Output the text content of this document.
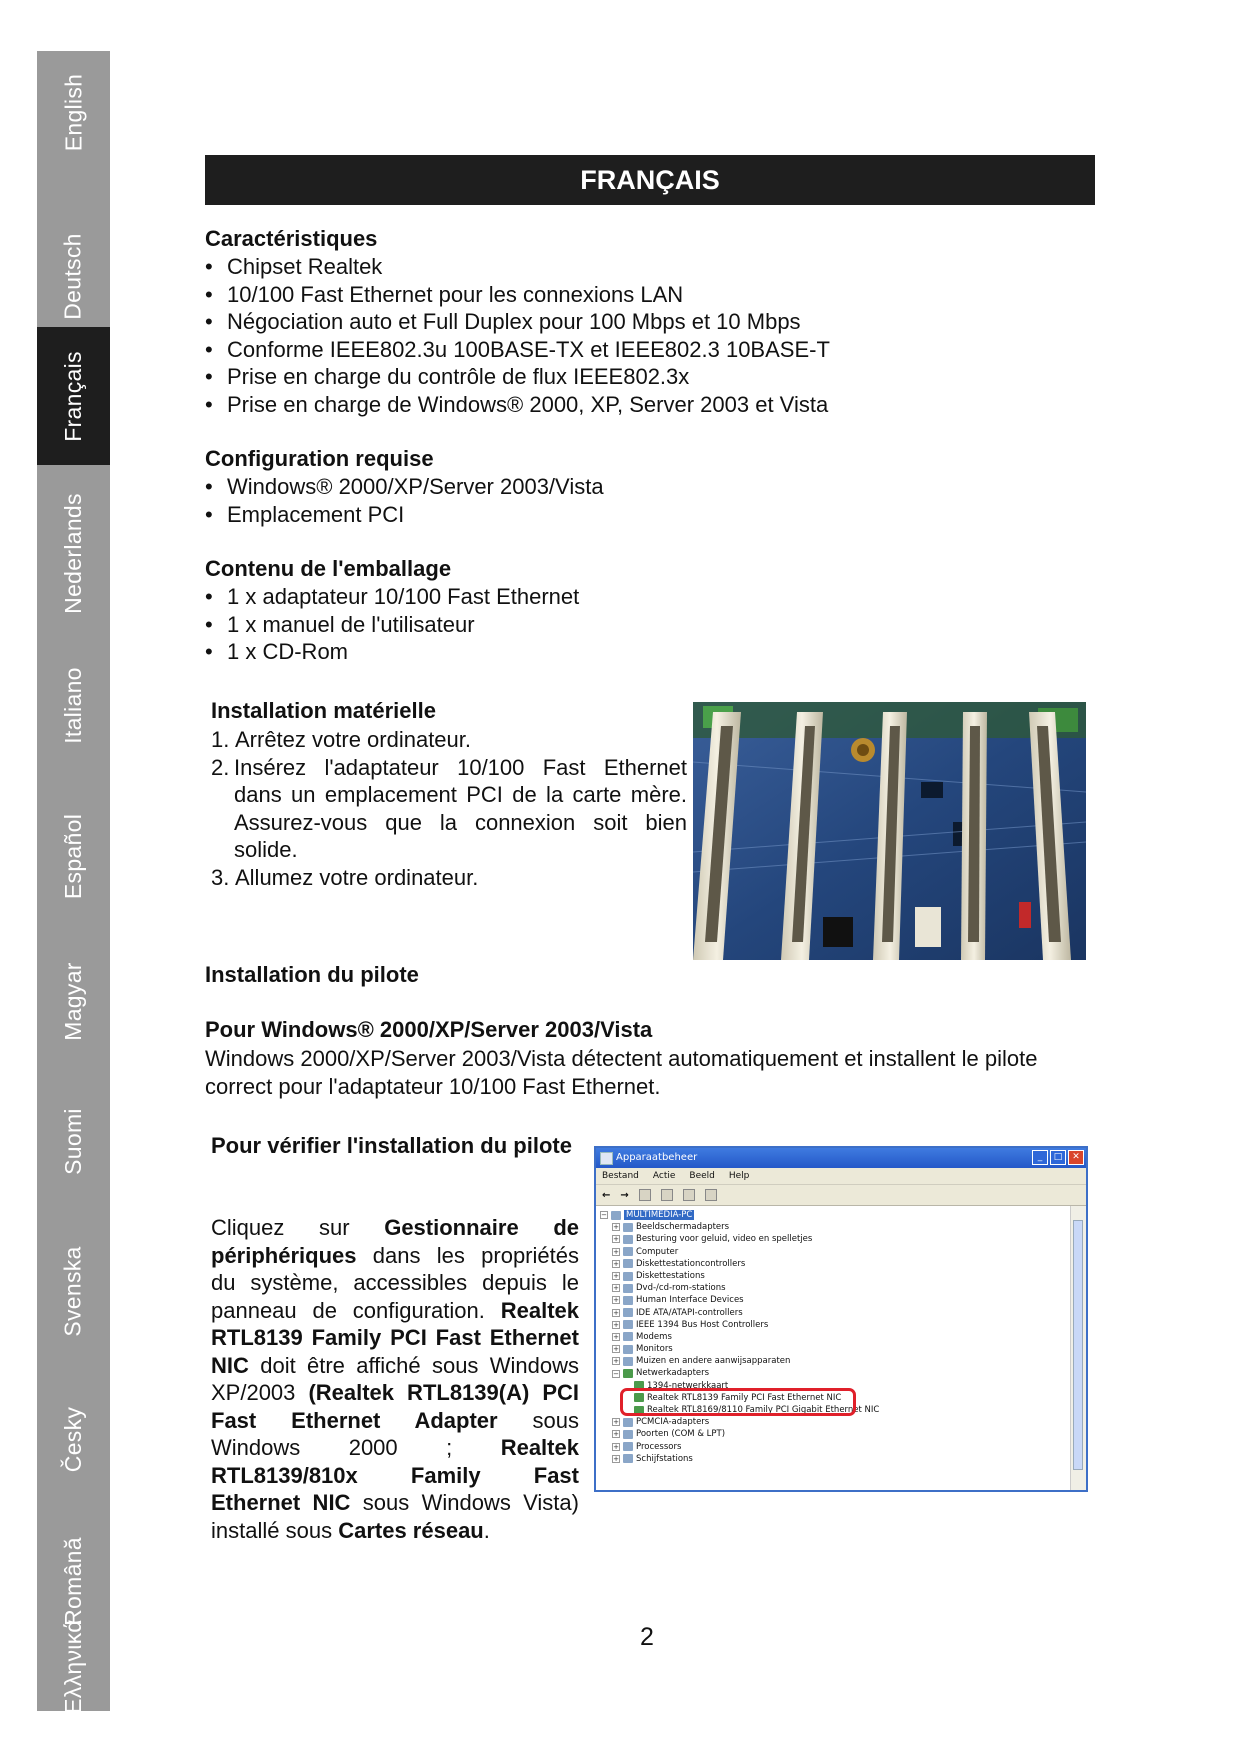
English
Deutsch
Français
Nederlands
Italiano
Español
Magyar
Suomi
Svenska
Česky
Română
Ελληνικά
FRANÇAIS
Caractéristiques
• Chipset Realtek
• 10/100 Fast Ethernet pour les connexions LAN
• Négociation auto et Full Duplex pour 100 Mbps et 10 Mbps
• Conforme IEEE802.3u 100BASE-TX et IEEE802.3 10BASE-T
• Prise en charge du contrôle de flux IEEE802.3x
• Prise en charge de Windows® 2000, XP, Server 2003 et Vista
Configuration requise
• Windows® 2000/XP/Server 2003/Vista
• Emplacement PCI
Contenu de l'emballage
• 1 x adaptateur 10/100 Fast Ethernet
• 1 x manuel de l'utilisateur
• 1 x CD-Rom
Installation matérielle
1. Arrêtez votre ordinateur.
2. Insérez l'adaptateur 10/100 Fast Ethernet dans un emplacement PCI de la carte mère. Assurez-vous que la connexion soit bien solide.
3. Allumez votre ordinateur.
Installation du pilote
Pour Windows® 2000/XP/Server 2003/Vista

Windows 2000/XP/Server 2003/Vista détectent automatiquement et installent le pilote correct pour l'adaptateur 10/100 Fast Ethernet.

Pour vérifier l'installation du pilote

Cliquez sur Gestionnaire de périphériques dans les propriétés du système, accessibles depuis le panneau de configuration. Realtek RTL8139 Family PCI Fast Ethernet NIC doit être affiché sous Windows XP/2003 (Realtek RTL8139(A) PCI Fast Ethernet Adapter sous Windows 2000 ; Realtek RTL8139/810x Family Fast Ethernet NIC sous Windows Vista) installé sous Cartes réseau.

Apparaatbeheer	_	□	✕
Bestand Actie Beeld Help
← →
− MULTIMEDIA-PC
+ Beeldschermadapters
+ Besturing voor geluid, video en spelletjes
+ Computer
+ Diskettestationcontrollers
+ Diskettestations
+ Dvd-/cd-rom-stations
+ Human Interface Devices
+ IDE ATA/ATAPI-controllers
+ IEEE 1394 Bus Host Controllers
+ Modems
+ Monitors
+ Muizen en andere aanwijsapparaten
− Netwerkadapters
1394-netwerkkaart
Realtek RTL8139 Family PCI Fast Ethernet NIC
Realtek RTL8169/8110 Family PCI Gigabit Ethernet NIC
+ PCMCIA-adapters
+ Poorten (COM & LPT)
+ Processors
+ Schijfstations
2
